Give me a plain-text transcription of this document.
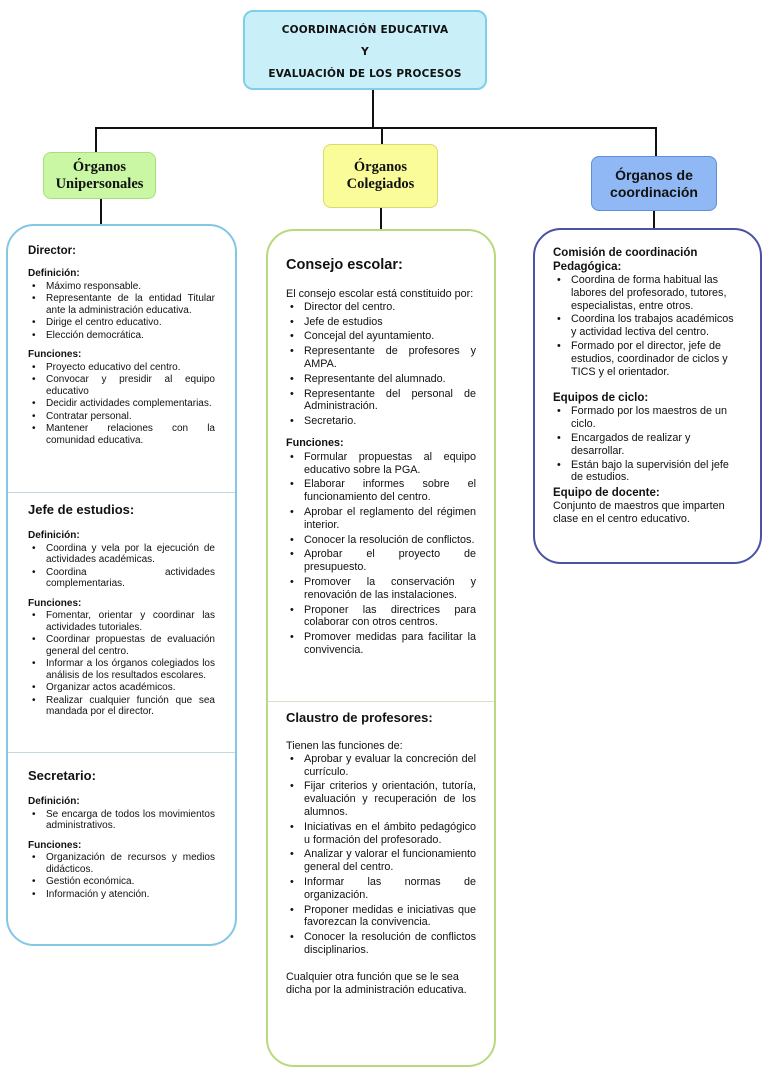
COORDINACIÓN EDUCATIVA
Y
EVALUACIÓN DE LOS PROCESOS
Órganos
Unipersonales
Órganos
Colegiados
Órganos de
coordinación
Director:
Definición:
• Máximo responsable.
• Representante de la entidad Titular ante la administración educativa.
• Dirige el centro educativo.
• Elección democrática.
Funciones:
• Proyecto educativo del centro.
• Convocar y presidir al equipo educativo
• Decidir actividades complementarias.
• Contratar personal.
• Mantener relaciones con la comunidad educativa.
Jefe de estudios:
Definición:
• Coordina y vela por la ejecución de actividades académicas.
• Coordina actividades complementarias.
Funciones:
• Fomentar, orientar y coordinar las actividades tutoriales.
• Coordinar propuestas de evaluación general del centro.
• Informar a los órganos colegiados los análisis de los resultados escolares.
• Organizar actos académicos.
• Realizar cualquier función que sea mandada por el director.
Secretario:
Definición:
• Se encarga de todos los movimientos administrativos.
Funciones:
• Organización de recursos y medios didácticos.
• Gestión económica.
• Información y atención.
Consejo escolar:
El consejo escolar está constituido por:
• Director del centro.
• Jefe de estudios
• Concejal del ayuntamiento.
• Representante de profesores y AMPA.
• Representante del alumnado.
• Representante del personal de Administración.
• Secretario.
Funciones:
• Formular propuestas al equipo educativo sobre la PGA.
• Elaborar informes sobre el funcionamiento del centro.
• Aprobar el reglamento del régimen interior.
• Conocer la resolución de conflictos.
• Aprobar el proyecto de presupuesto.
• Promover la conservación y renovación de las instalaciones.
• Proponer las directrices para colaborar con otros centros.
• Promover medidas para facilitar la convivencia.
Claustro de profesores:
Tienen las funciones de:
• Aprobar y evaluar la concreción del currículo.
• Fijar criterios y orientación, tutoría, evaluación y recuperación de los alumnos.
• Iniciativas en el ámbito pedagógico u formación del profesorado.
• Analizar y valorar el funcionamiento general del centro.
• Informar las normas de organización.
• Proponer medidas e iniciativas que favorezcan la convivencia.
• Conocer la resolución de conflictos disciplinarios.
Cualquier otra función que se le sea dicha por la administración educativa.
Comisión de coordinación
Pedagógica:
• Coordina de forma habitual las labores del profesorado, tutores, especialistas, entre otros.
• Coordina los trabajos académicos y actividad lectiva del centro.
• Formado por el director, jefe de estudios, coordinador de ciclos y TICS y el orientador.
Equipos de ciclo:
• Formado por los maestros de un ciclo.
• Encargados de realizar y desarrollar.
• Están bajo la supervisión del jefe de estudios.
Equipo de docente:
Conjunto de maestros que imparten clase en el centro educativo.
